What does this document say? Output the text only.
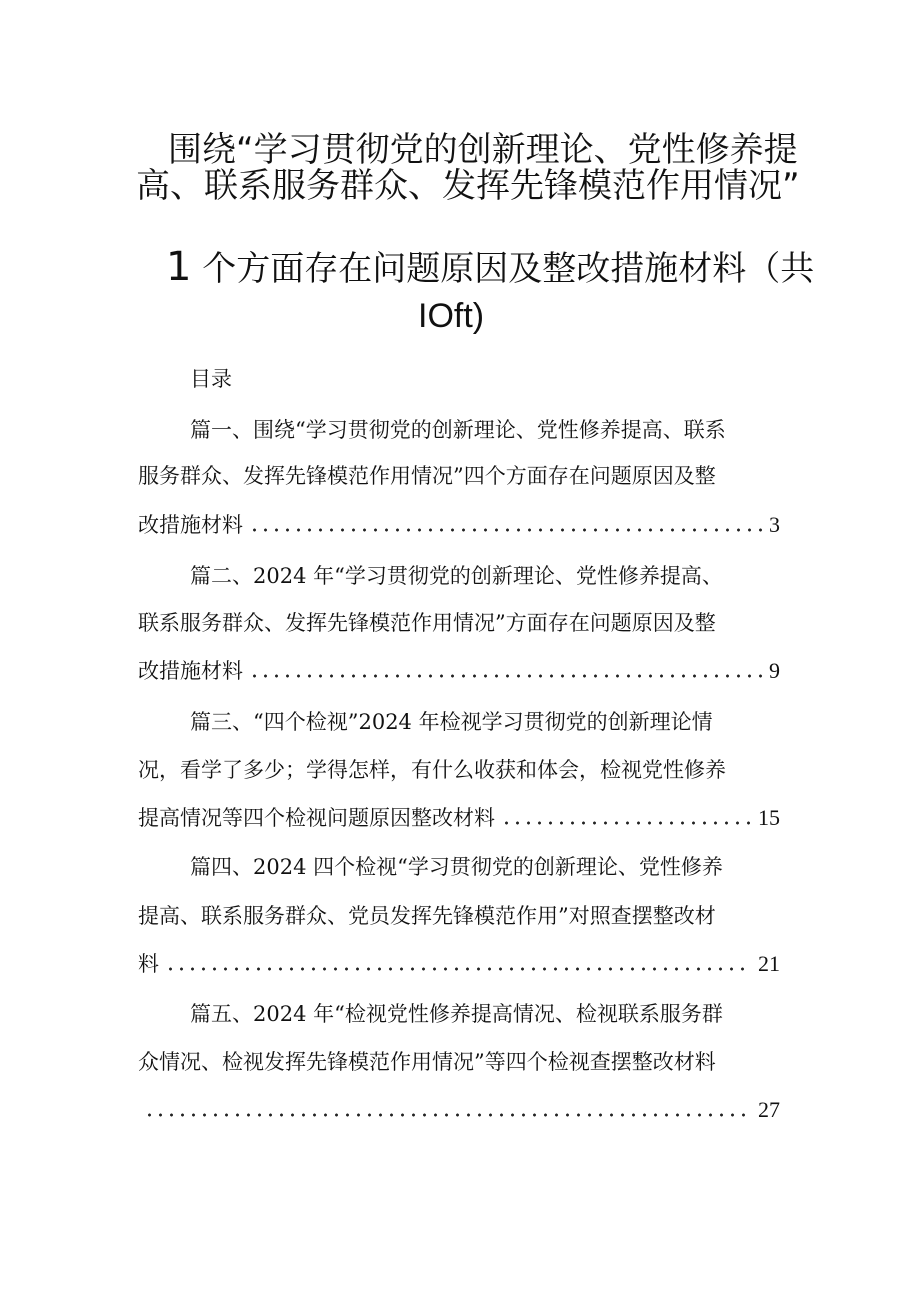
围绕“学习贯彻党的创新理论、党性修养提
高、联系服务群众、发挥先锋模范作用情况”
1 个方面存在问题原因及整改措施材料（共
IOft)
目录
篇一、围绕“学习贯彻党的创新理论、党性修养提高、联系
服务群众、发挥先锋模范作用情况”四个方面存在问题原因及整
改措施材料	3
篇二、2024 年“学习贯彻党的创新理论、党性修养提高、
联系服务群众、发挥先锋模范作用情况”方面存在问题原因及整
改措施材料	9
篇三、“四个检视”2024 年检视学习贯彻党的创新理论情
况，看学了多少；学得怎样，有什么收获和体会，检视党性修养
提高情况等四个检视问题原因整改材料	15
篇四、2024 四个检视“学习贯彻党的创新理论、党性修养
提高、联系服务群众、党员发挥先锋模范作用”对照查摆整改材
料	21
篇五、2024 年“检视党性修养提高情况、检视联系服务群
众情况、检视发挥先锋模范作用情况”等四个检视查摆整改材料
27
